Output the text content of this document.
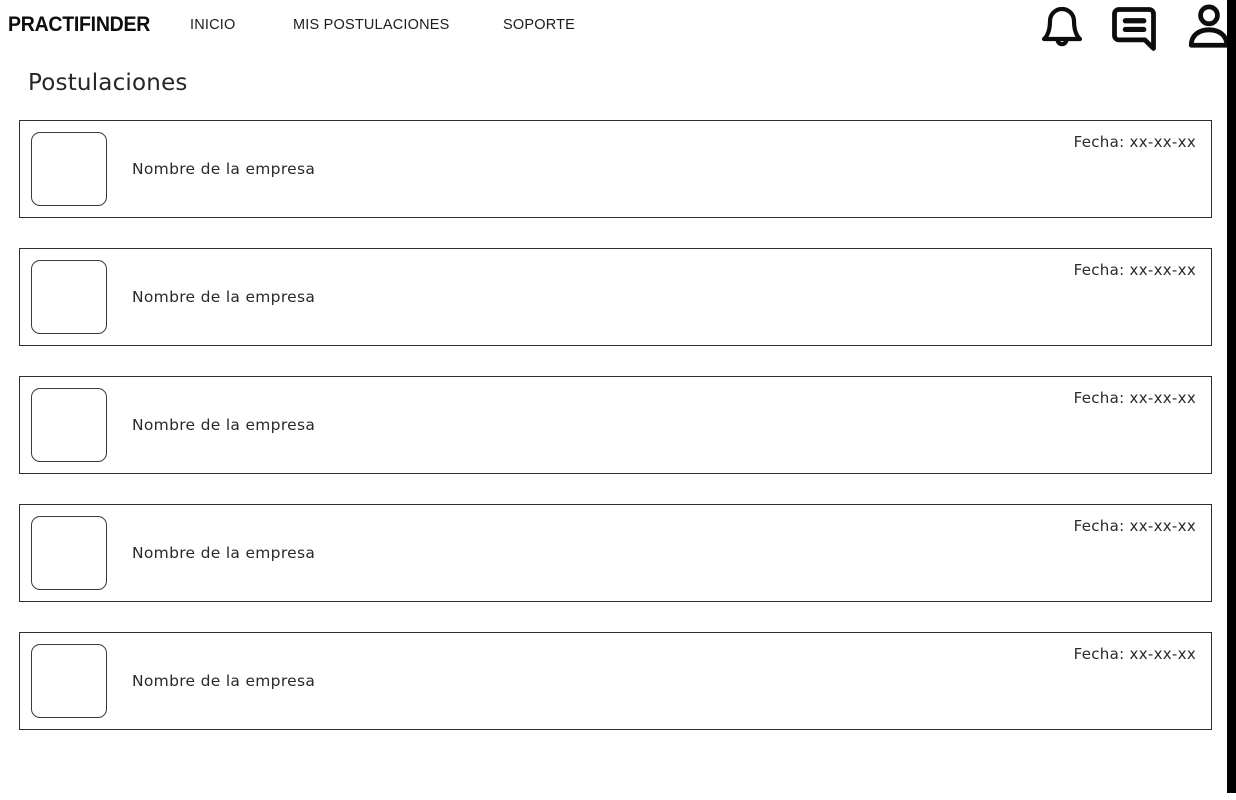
PRACTIFINDER	INICIO	MIS POSTULACIONES	SOPORTE
Postulaciones
Nombre de la empresa
Fecha: xx-xx-xx
Nombre de la empresa
Fecha: xx-xx-xx
Nombre de la empresa
Fecha: xx-xx-xx
Nombre de la empresa
Fecha: xx-xx-xx
Nombre de la empresa
Fecha: xx-xx-xx
